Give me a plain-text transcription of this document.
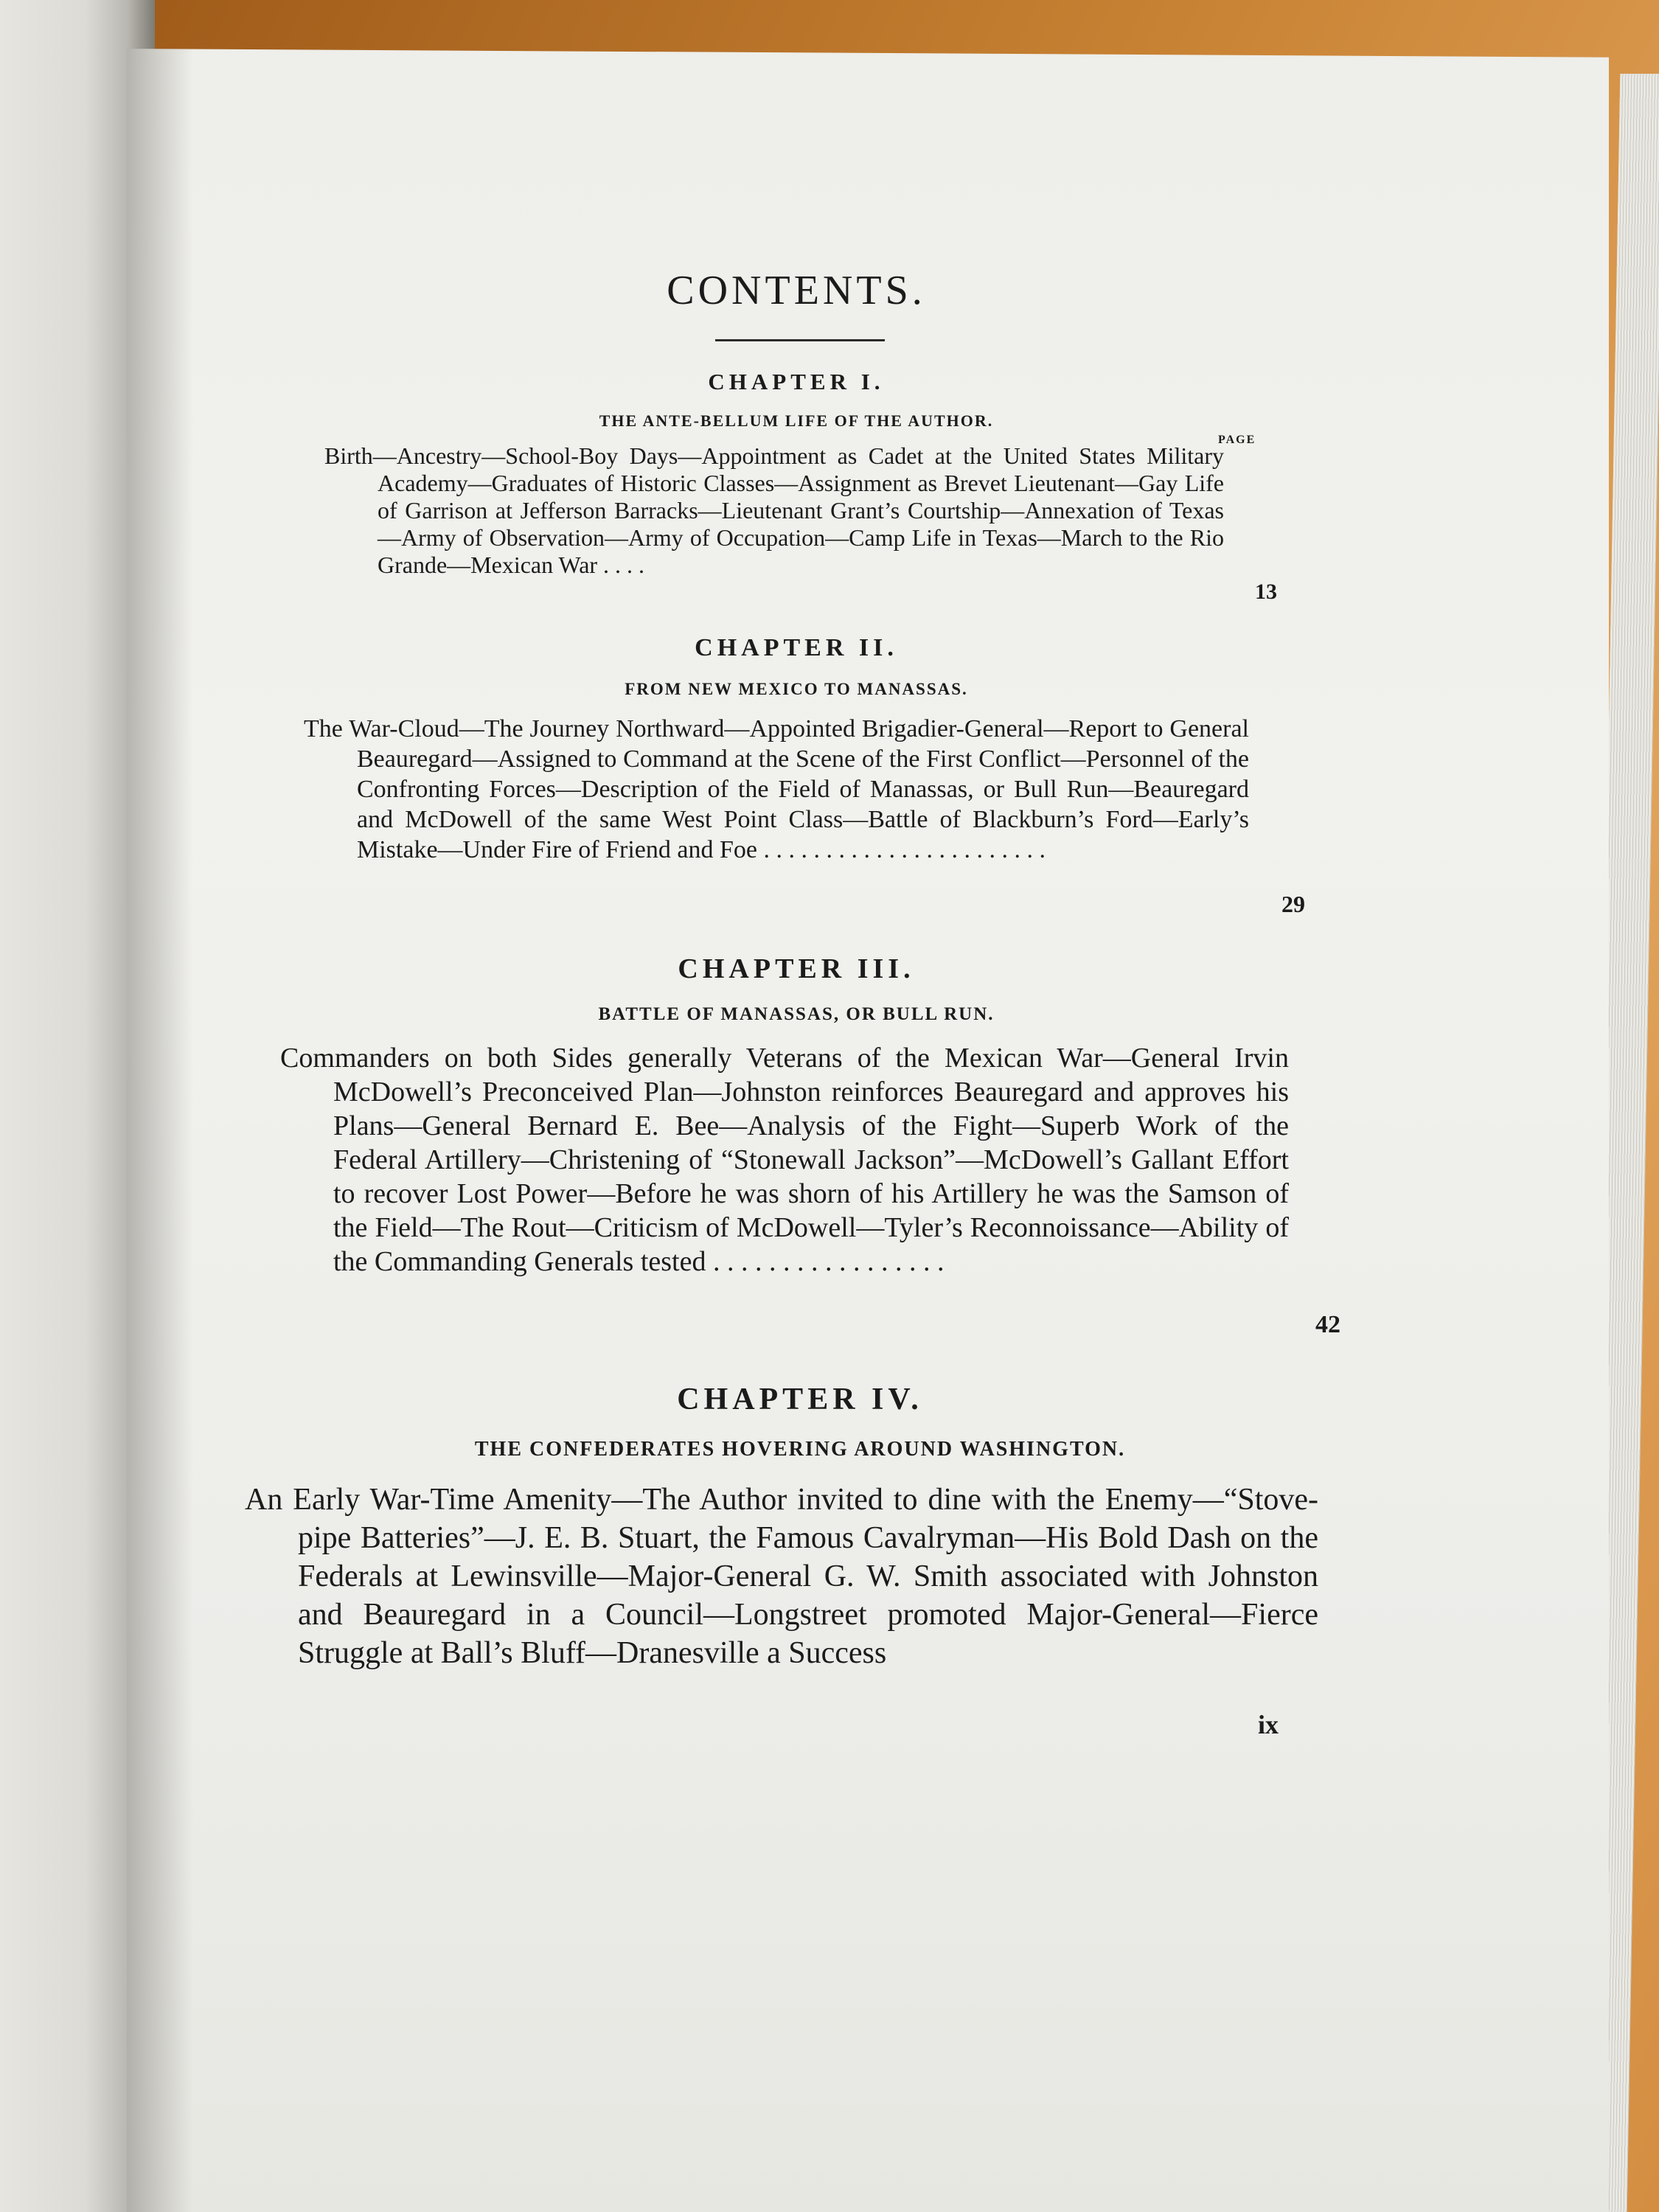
CONTENTS.
PAGE

CHAPTER I.

THE ANTE-BELLUM LIFE OF THE AUTHOR.

Birth—Ancestry—School-Boy Days—Appointment as Cadet at the United States Military Academy—Graduates of Historic Classes—Assignment as Brevet Lieutenant—Gay Life of Garrison at Jefferson Barracks—Lieutenant Grant’s Courtship—Annexation of Texas—Army of Observation—Army of Occupation—Camp Life in Texas—March to the Rio Grande—Mexican War . . . .

13

CHAPTER II.

FROM NEW MEXICO TO MANASSAS.

The War-Cloud—The Journey Northward—Appointed Brigadier-General—Report to General Beauregard—Assigned to Command at the Scene of the First Conflict—Personnel of the Confronting Forces—Description of the Field of Manassas, or Bull Run—Beauregard and McDowell of the same West Point Class—Battle of Blackburn’s Ford—Early’s Mistake—Under Fire of Friend and Foe . . . . . . . . . . . . . . . . . . . . . . .

29

CHAPTER III.

BATTLE OF MANASSAS, OR BULL RUN.

Commanders on both Sides generally Veterans of the Mexican War—General Irvin McDowell’s Preconceived Plan—Johnston reinforces Beauregard and approves his Plans—General Bernard E. Bee—Analysis of the Fight—Superb Work of the Federal Artillery—Christening of “Stonewall Jackson”—McDowell’s Gallant Effort to recover Lost Power—Before he was shorn of his Artillery he was the Samson of the Field—The Rout—Criticism of McDowell—Tyler’s Reconnoissance—Ability of the Commanding Generals tested . . . . . . . . . . . . . . . . .

42

CHAPTER IV.

THE CONFEDERATES HOVERING AROUND WASHINGTON.

An Early War-Time Amenity—The Author invited to dine with the Enemy—“Stove-pipe Batteries”—J. E. B. Stuart, the Famous Cavalryman—His Bold Dash on the Federals at Lewinsville—Major-General G. W. Smith associated with Johnston and Beauregard in a Council—Longstreet promoted Major-General—Fierce Struggle at Ball’s Bluff—Dranesville a Success

ix
